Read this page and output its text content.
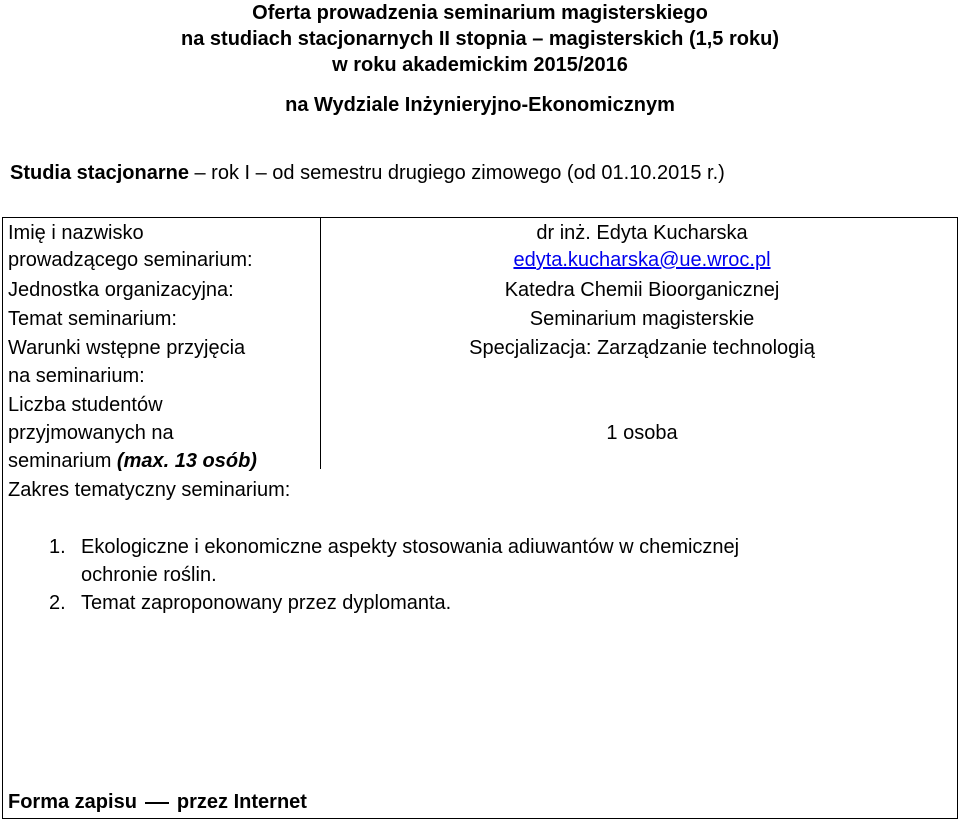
Oferta prowadzenia seminarium magisterskiego
na studiach stacjonarnych II stopnia – magisterskich (1,5 roku)
w roku akademickim 2015/2016
na Wydziale Inżynieryjno-Ekonomicznym
Studia stacjonarne – rok I – od semestru drugiego zimowego (od 01.10.2015 r.)
Imię i nazwisko
prowadzącego seminarium:
Jednostka organizacyjna:
Temat seminarium:
Warunki wstępne przyjęcia
na seminarium:
Liczba studentów
przyjmowanych na
seminarium (max. 13 osób)
Zakres tematyczny seminarium:
dr inż. Edyta Kucharska
edyta.kucharska@ue.wroc.pl
Katedra Chemii Bioorganicznej
Seminarium magisterskie
Specjalizacja: Zarządzanie technologią
1 osoba
1. Ekologiczne i ekonomiczne aspekty stosowania adiuwantów w chemicznej
ochronie roślin.
2. Temat zaproponowany przez dyplomanta.
Forma zapisu przez Internet
